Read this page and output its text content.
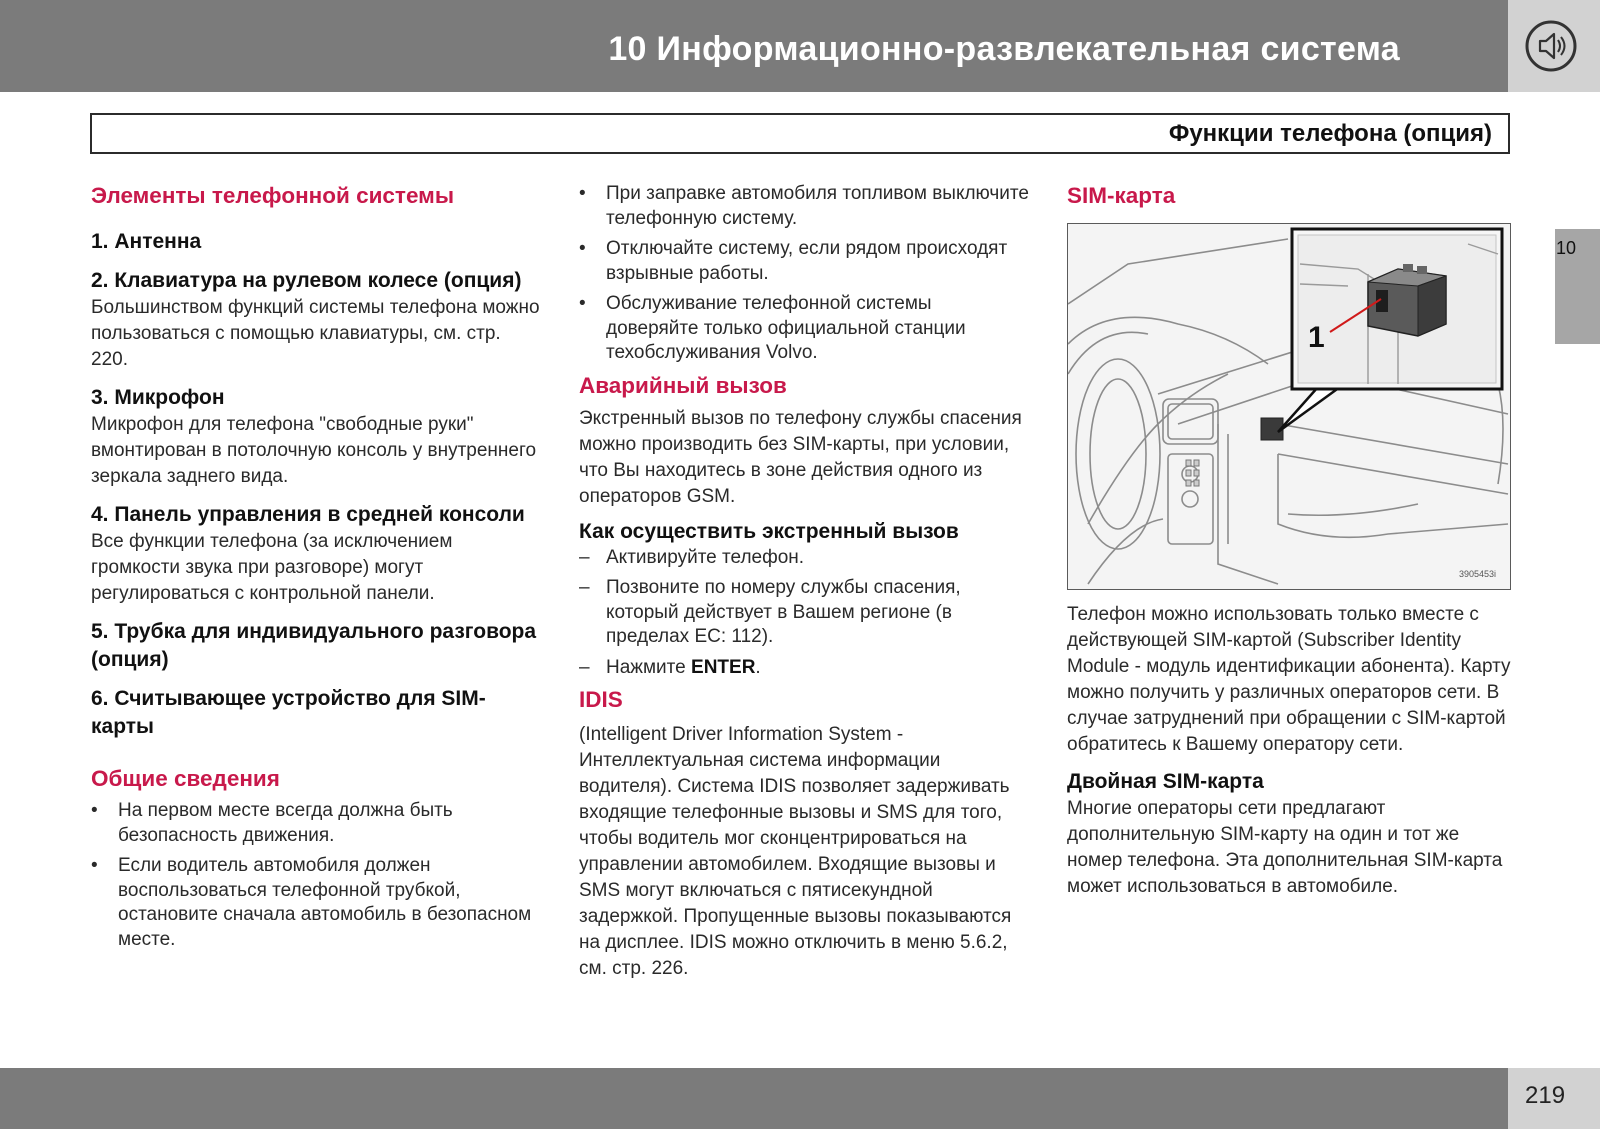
10 Информационно-развлекательная система
Функции телефона (опция)
Элементы телефонной системы
1. Антенна
2. Клавиатура на рулевом колесе (опция)
Большинством функций системы телефона можно пользоваться с помощью клавиатуры, см. стр. 220.
3. Микрофон
Микрофон для телефона "свободные руки" вмонтирован в потолочную консоль у внутреннего зеркала заднего вида.
4. Панель управления в средней консоли
Все функции телефона (за исключением громкости звука при разговоре) могут регулироваться с контрольной панели.
5. Трубка для индивидуального разговора (опция)
6. Считывающее устройство для SIM-карты
Общие сведения
• На первом месте всегда должна быть безопасность движения.
• Если водитель автомобиля должен воспользоваться телефонной трубкой, остановите сначала автомобиль в безопасном месте.
• При заправке автомобиля топливом выключите телефонную систему.
• Отключайте систему, если рядом происходят взрывные работы.
• Обслуживание телефонной системы доверяйте только официальной станции техобслуживания Volvo.
Аварийный вызов
Экстренный вызов по телефону службы спасения можно производить без SIM-карты, при условии, что Вы находитесь в зоне действия одного из операторов GSM.
Как осуществить экстренный вызов
– Активируйте телефон.
– Позвоните по номеру службы спасения, который действует в Вашем регионе (в пределах ЕС: 112).
– Нажмите ENTER.
IDIS
(Intelligent Driver Information System - Интеллектуальная система информации водителя). Система IDIS позволяет задерживать входящие телефонные вызовы и SMS для того, чтобы водитель мог сконцентрироваться на управлении автомобилем. Входящие вызовы и SMS могут включаться с пятисекундной задержкой. Пропущенные вызовы показываются на дисплее. IDIS можно отключить в меню 5.6.2, см. стр. 226.
SIM-карта
1
3905453i
Телефон можно использовать только вместе с действующей SIM-картой (Subscriber Identity Module - модуль идентификации абонента). Карту можно получить у различных операторов сети. В случае затруднений при обращении с SIM-картой обратитесь к Вашему оператору сети.
Двойная SIM-карта
Многие операторы сети предлагают дополнительную SIM-карту на один и тот же номер телефона. Эта дополнительная SIM-карта может использоваться в автомобиле.
10
219
